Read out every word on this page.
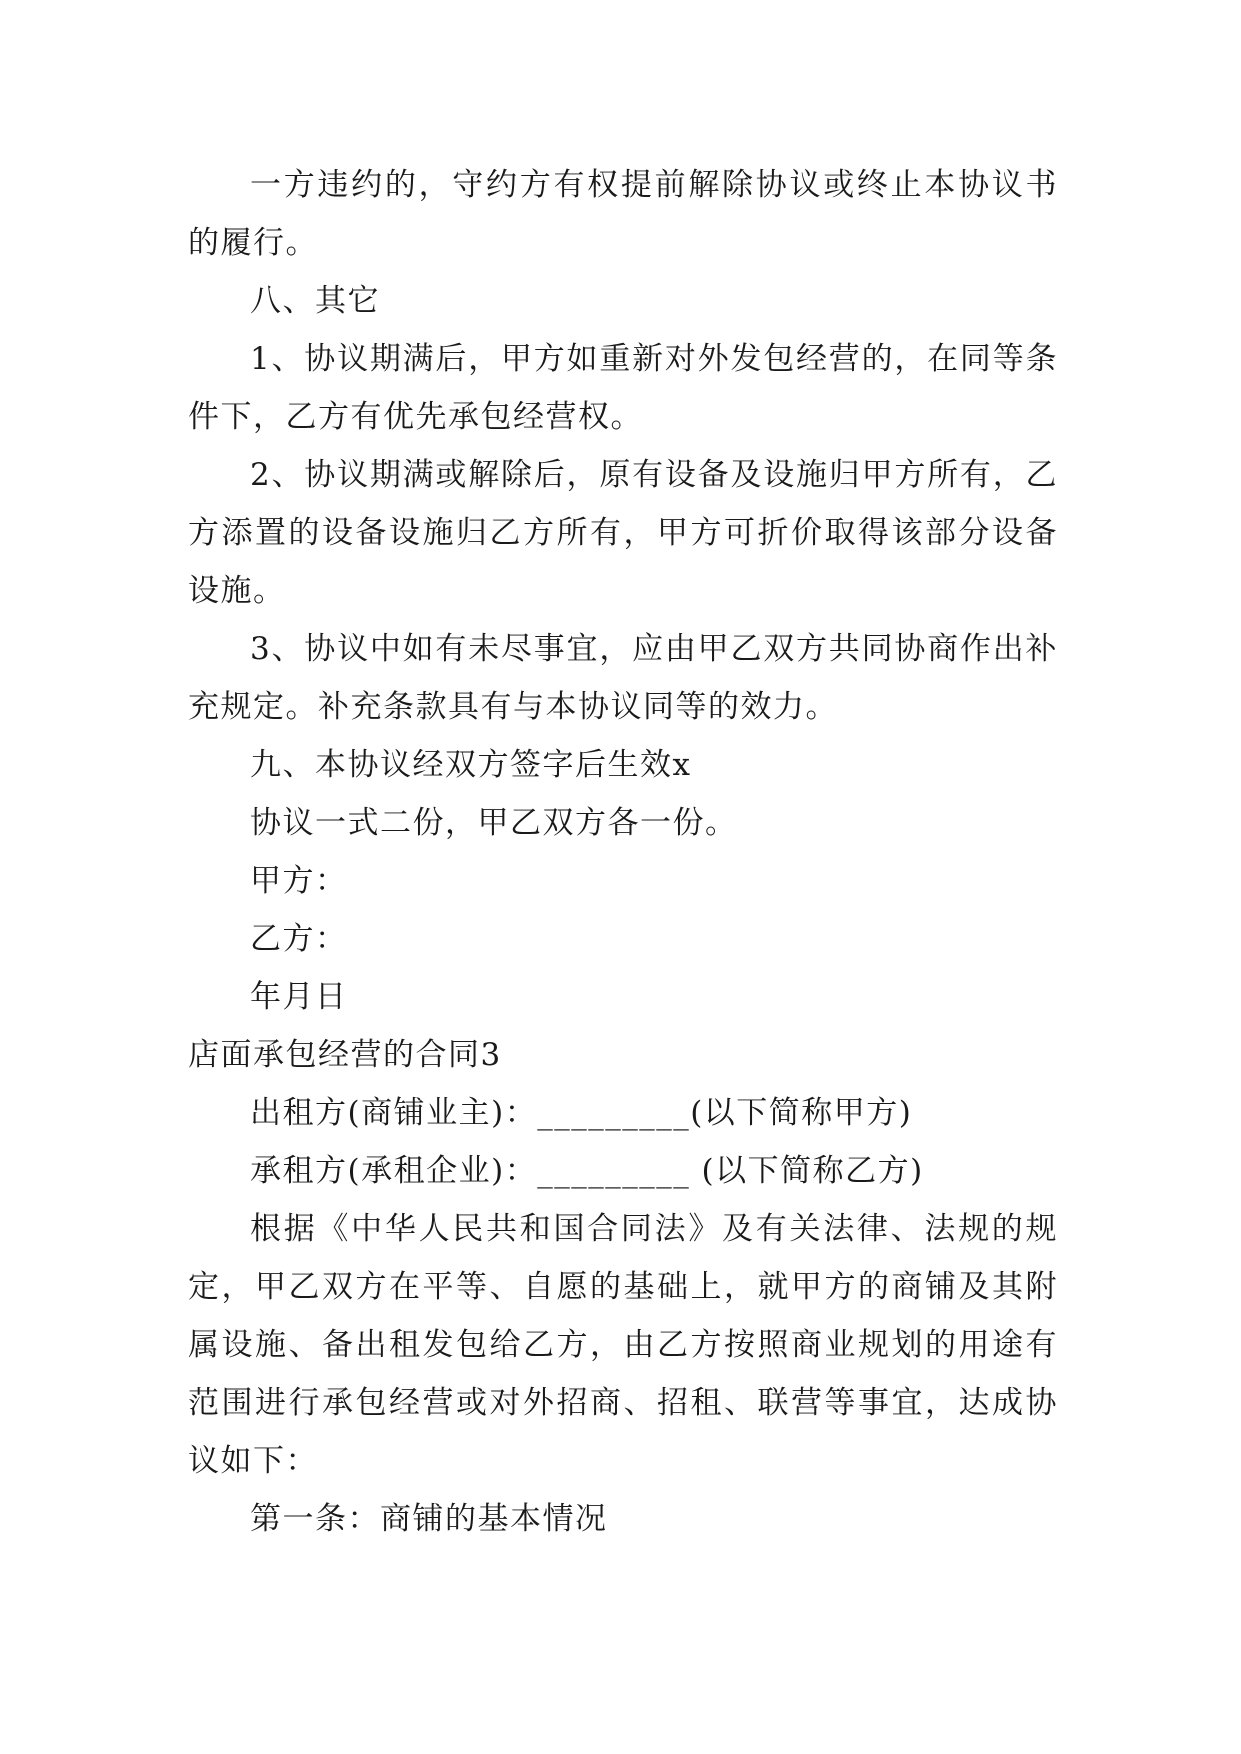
一方违约的，守约方有权提前解除协议或终止本协议书的履行。

八、其它

1、协议期满后，甲方如重新对外发包经营的，在同等条件下，乙方有优先承包经营权。

2、协议期满或解除后，原有设备及设施归甲方所有，乙方添置的设备设施归乙方所有，甲方可折价取得该部分设备设施。

3、协议中如有未尽事宜，应由甲乙双方共同协商作出补充规定。补充条款具有与本协议同等的效力。

九、本协议经双方签字后生效x

协议一式二份，甲乙双方各一份。

甲方：

乙方：

年月日

店面承包经营的合同3

出租方(商铺业主)：_________(以下简称甲方)

承租方(承租企业)：_________ (以下简称乙方)

根据《中华人民共和国合同法》及有关法律、法规的规定，甲乙双方在平等、自愿的基础上，就甲方的商铺及其附属设施、备出租发包给乙方，由乙方按照商业规划的用途有范围进行承包经营或对外招商、招租、联营等事宜，达成协议如下：

第一条：商铺的基本情况
